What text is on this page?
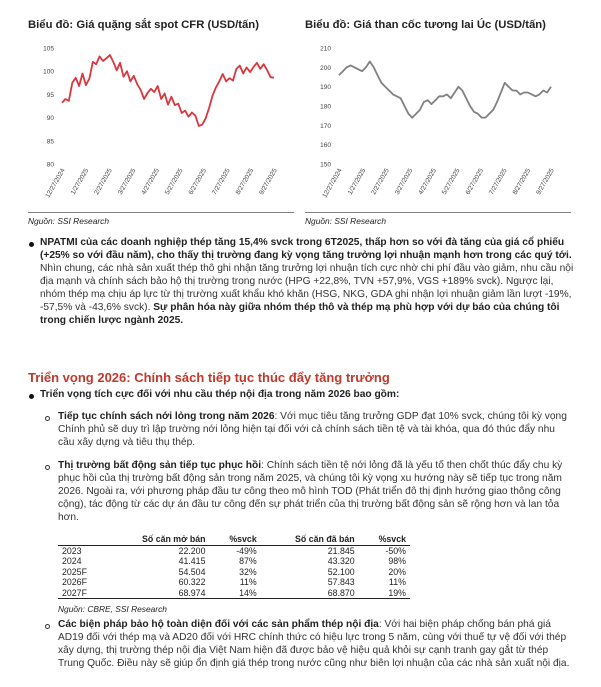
Biểu đồ: Giá quặng sắt spot CFR (USD/tấn)	Biểu đồ: Giá than cốc tương lai Úc (USD/tấn)
80
85
90
95
100
105
12/27/2024 1/27/2025 2/27/2025 3/27/2025 4/27/2025 5/27/2025 6/27/2025 7/27/2025 8/27/2025 9/27/2025
150
160
170
180
190
200
210
12/27/2024 1/27/2025 2/27/2025 3/27/2025 4/27/2025 5/27/2025 6/27/2025 7/27/2025 8/27/2025 9/27/2025
Nguồn: SSI Research	Nguồn: SSI Research
NPATMI của các doanh nghiệp thép tăng 15,4% svck trong 6T2025, thấp hơn so với đà tăng của giá cổ phiếu (+25% so với đầu năm), cho thấy thị trường đang kỳ vọng tăng trưởng lợi nhuận mạnh hơn trong các quý tới. Nhìn chung, các nhà sản xuất thép thô ghi nhận tăng trưởng lợi nhuận tích cực nhờ chi phí đầu vào giảm, nhu cầu nội địa mạnh và chính sách bảo hộ thị trường trong nước (HPG +22,8%, TVN +57,9%, VGS +189% svck). Ngược lại, nhóm thép mạ chịu áp lực từ thị trường xuất khẩu khó khăn (HSG, NKG, GDA ghi nhận lợi nhuận giảm lần lượt -19%, -57,5% và -43,6% svck). Sự phân hóa này giữa nhóm thép thô và thép mạ phù hợp với dự báo của chúng tôi trong chiến lược ngành 2025.
Triển vọng 2026: Chính sách tiếp tục thúc đẩy tăng trưởng
Triển vọng tích cực đối với nhu cầu thép nội địa trong năm 2026 bao gồm:
Tiếp tục chính sách nới lỏng trong năm 2026: Với mục tiêu tăng trưởng GDP đạt 10% svck, chúng tôi kỳ vọng Chính phủ sẽ duy trì lập trường nới lỏng hiện tại đối với cả chính sách tiền tệ và tài khóa, qua đó thúc đẩy nhu cầu xây dựng và tiêu thụ thép.
Thị trường bất động sản tiếp tục phục hồi: Chính sách tiền tệ nới lỏng đã là yếu tố then chốt thúc đẩy chu kỳ phục hồi của thị trường bất động sản trong năm 2025, và chúng tôi kỳ vọng xu hướng này sẽ tiếp tục trong năm 2026. Ngoài ra, với phương pháp đầu tư công theo mô hình TOD (Phát triển đô thị định hướng giao thông công cộng), tác động từ các dự án đầu tư công đến sự phát triển của thị trường bất động sản sẽ rộng hơn và lan tỏa hơn.
	Số căn mở bán	%svck	Số căn đã bán	%svck
2023	22.200	-49%	21.845	-50%
2024	41.415	87%	43.320	98%
2025F	54.504	32%	52.100	20%
2026F	60.322	11%	57.843	11%
2027F	68.974	14%	68.870	19%
Nguồn: CBRE, SSI Research
Các biện pháp bảo hộ toàn diện đối với các sản phẩm thép nội địa: Với hai biện pháp chống bán phá giá AD19 đối với thép mạ và AD20 đối với HRC chính thức có hiệu lực trong 5 năm, cùng với thuế tự vệ đối với thép xây dựng, thị trường thép nội địa Việt Nam hiện đã được bảo vệ hiệu quả khỏi sự cạnh tranh gay gắt từ thép Trung Quốc. Điều này sẽ giúp ổn định giá thép trong nước cũng như biên lợi nhuận của các nhà sản xuất nội địa.
